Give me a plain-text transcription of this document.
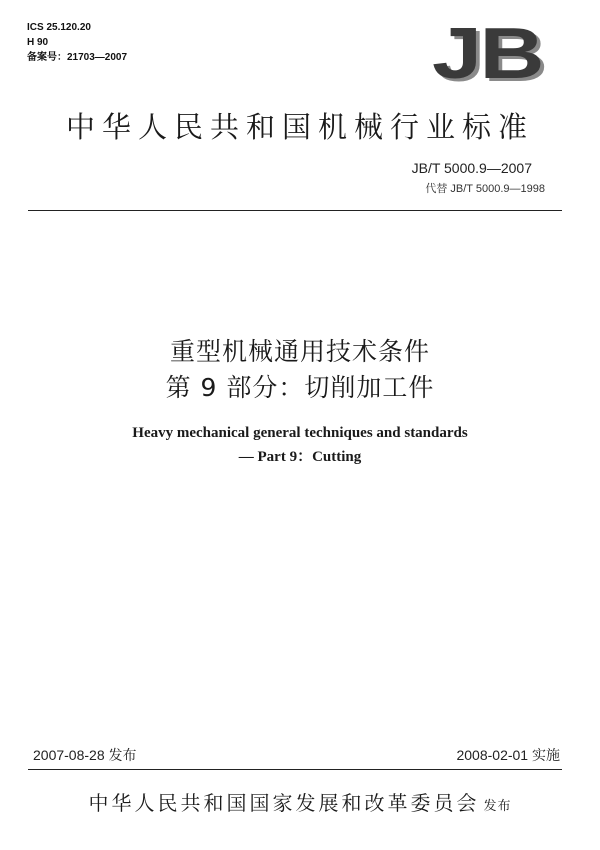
ICS 25.120.20
H 90
备案号：21703—2007	JB
中华人民共和国机械行业标准
JB/T 5000.9—2007
代替 JB/T 5000.9—1998
重型机械通用技术条件
第 9 部分：切削加工件
Heavy mechanical general techniques and standards
— Part 9：Cutting
2007-08-28 发布	2008-02-01 实施
中华人民共和国国家发展和改革委员会 发布
